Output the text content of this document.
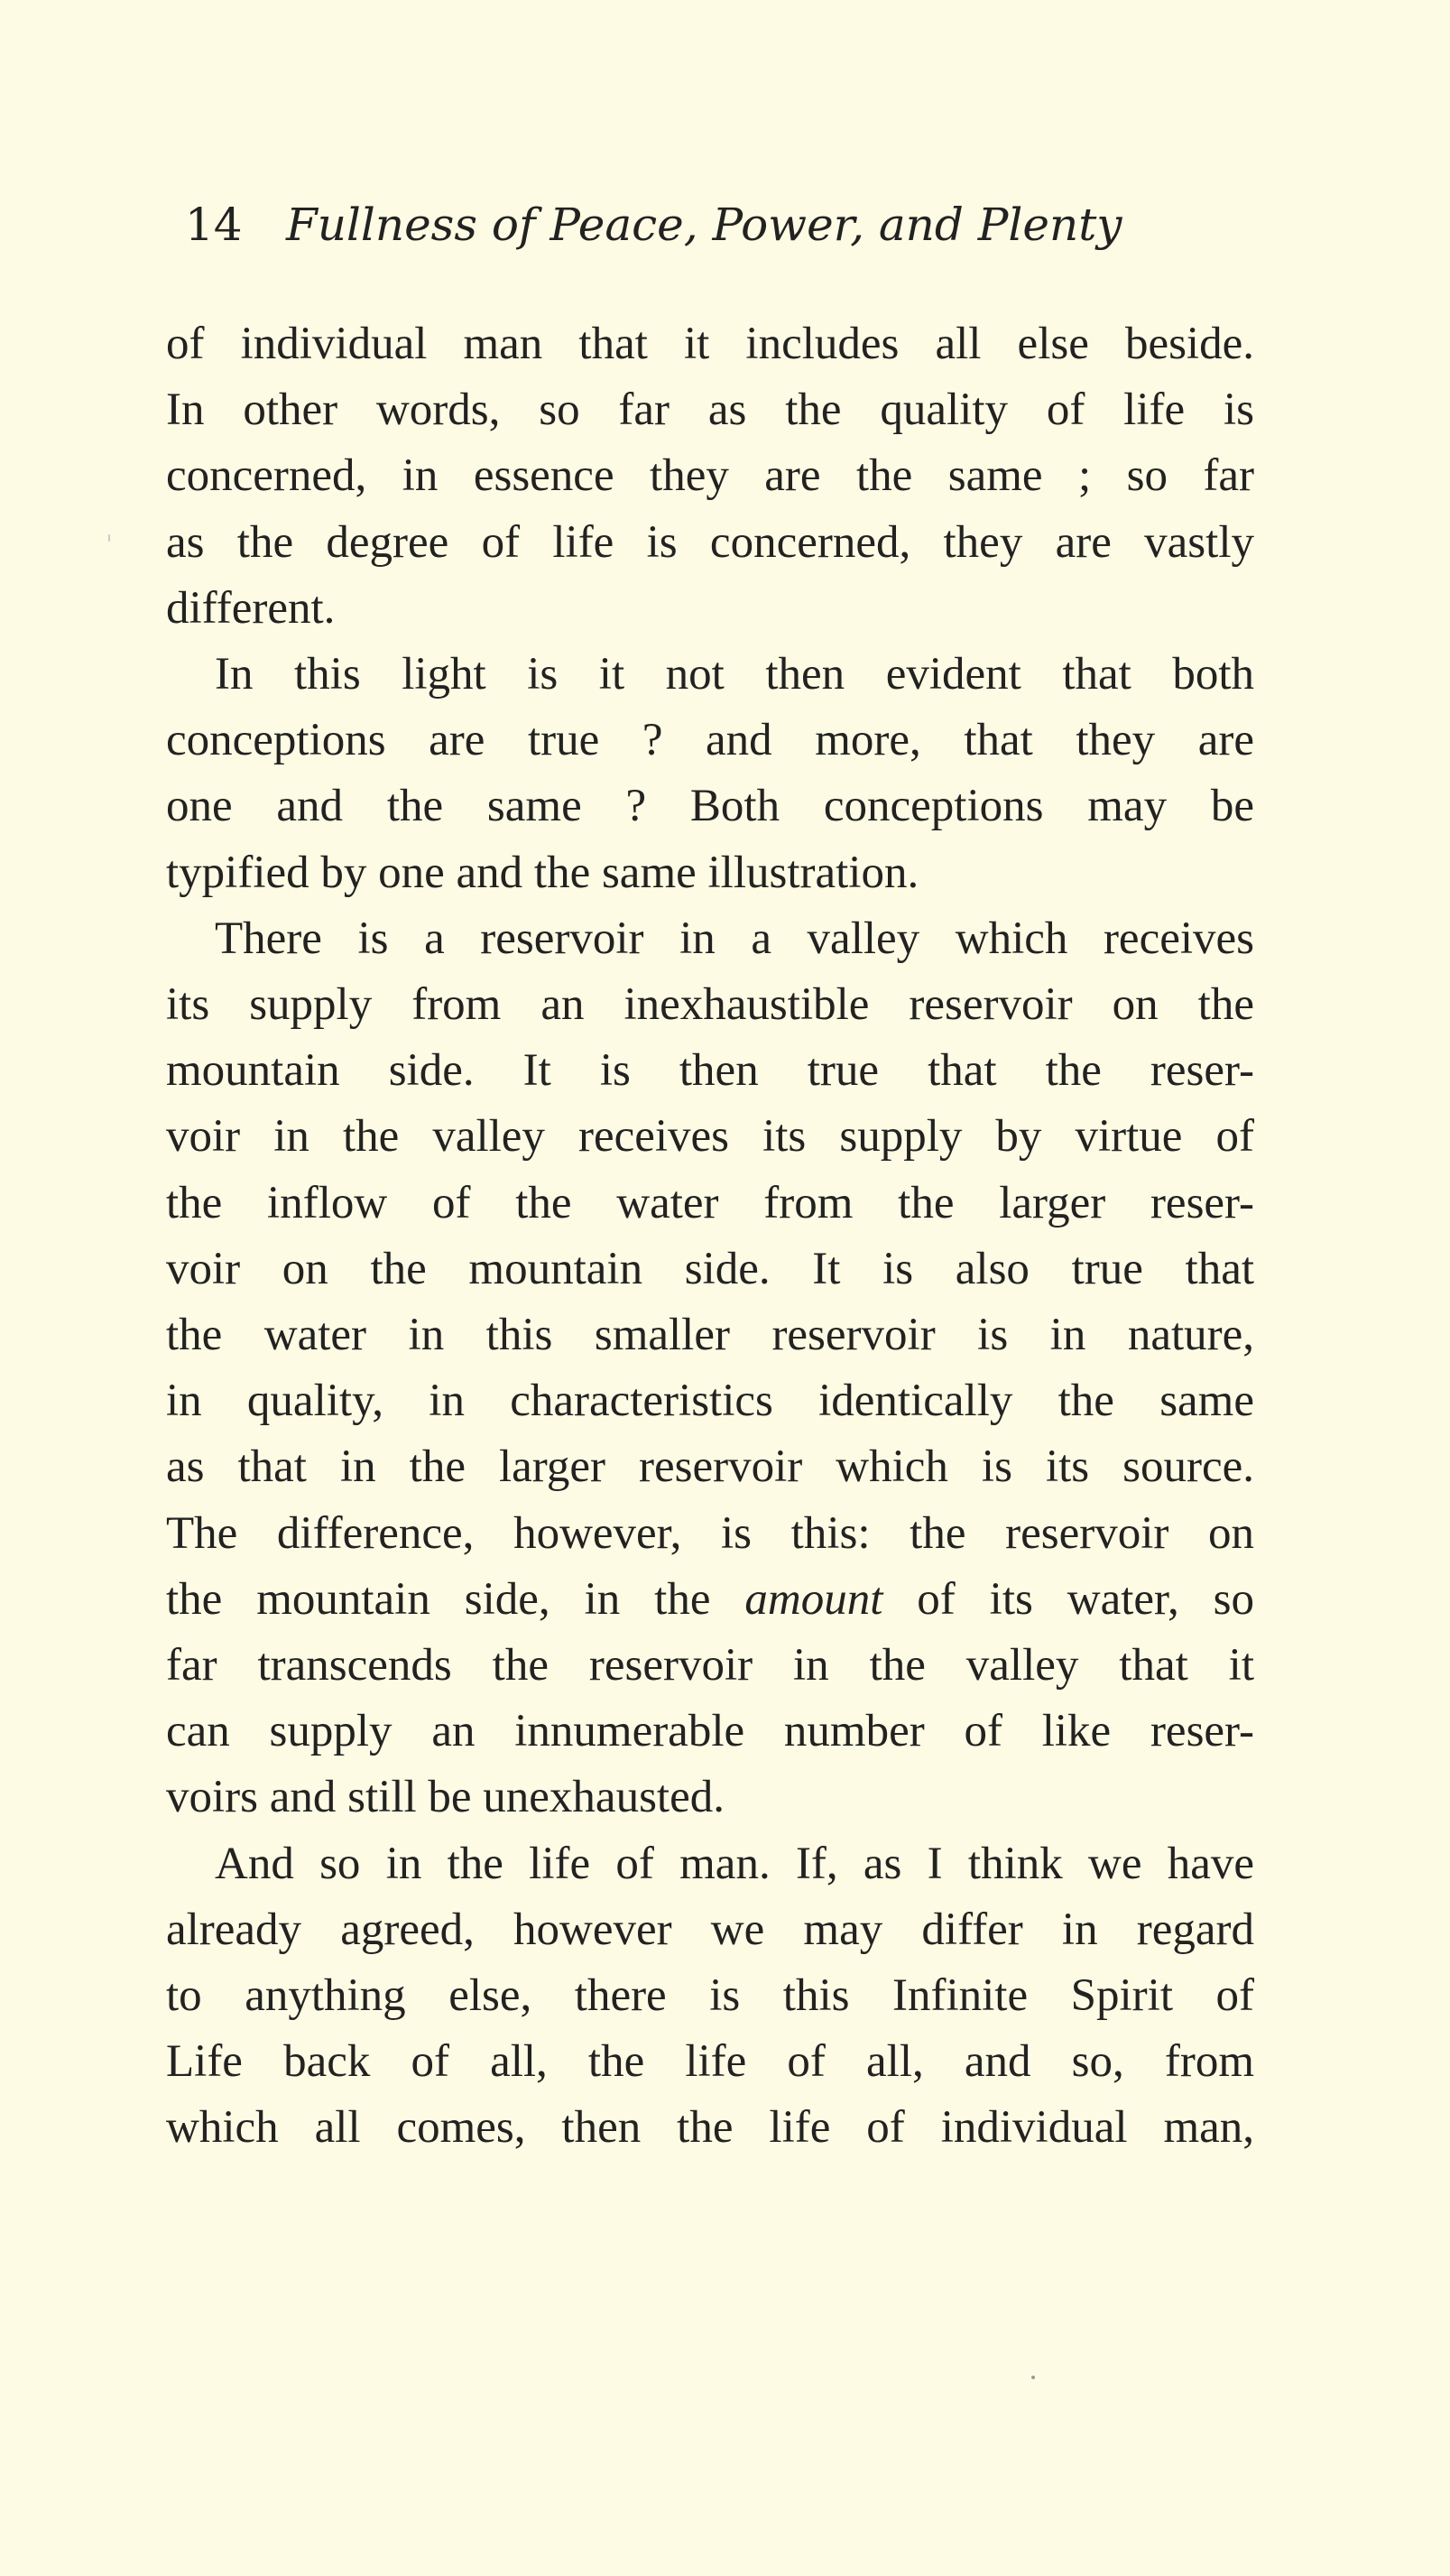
14 Fullness of Peace, Power, and Plenty
of individual man that it includes all else beside.
In other words, so far as the quality of life is
concerned, in essence they are the same ; so far
as the degree of life is concerned, they are vastly
different.
In this light is it not then evident that both
conceptions are true ? and more, that they are
one and the same ? Both conceptions may be
typified by one and the same illustration.
There is a reservoir in a valley which receives
its supply from an inexhaustible reservoir on the
mountain side. It is then true that the reser-
voir in the valley receives its supply by virtue of
the inflow of the water from the larger reser-
voir on the mountain side. It is also true that
the water in this smaller reservoir is in nature,
in quality, in characteristics identically the same
as that in the larger reservoir which is its source.
The difference, however, is this: the reservoir on
the mountain side, in the amount of its water, so
far transcends the reservoir in the valley that it
can supply an innumerable number of like reser-
voirs and still be unexhausted.
And so in the life of man. If, as I think we have
already agreed, however we may differ in regard
to anything else, there is this Infinite Spirit of
Life back of all, the life of all, and so, from
which all comes, then the life of individual man,
